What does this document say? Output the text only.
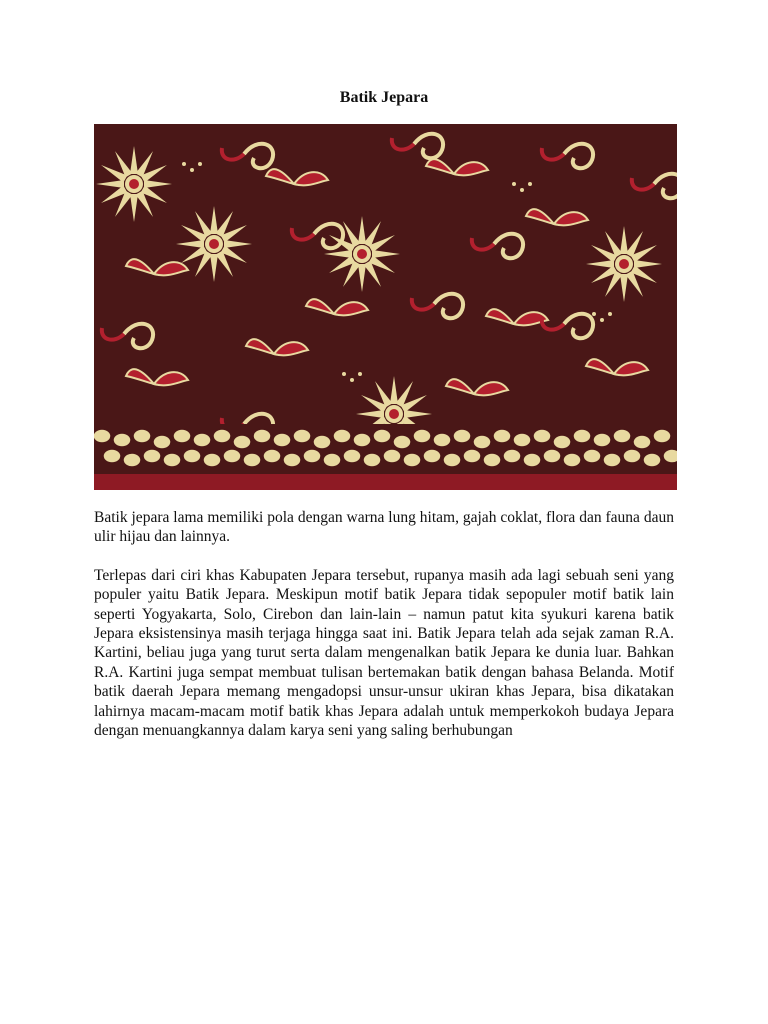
Batik Jepara

Batik jepara lama memiliki pola dengan warna lung hitam, gajah coklat, flora dan fauna daun ulir hijau dan lainnya.

Terlepas dari ciri khas Kabupaten Jepara tersebut, rupanya masih ada lagi sebuah seni yang populer yaitu Batik Jepara. Meskipun motif batik Jepara tidak sepopuler motif batik lain seperti Yogyakarta, Solo, Cirebon dan lain-lain – namun patut kita syukuri karena batik Jepara eksistensinya masih terjaga hingga saat ini. Batik Jepara telah ada sejak zaman R.A. Kartini, beliau juga yang turut serta dalam mengenalkan batik Jepara ke dunia luar. Bahkan R.A. Kartini juga sempat membuat tulisan bertemakan batik dengan bahasa Belanda. Motif batik daerah Jepara memang mengadopsi unsur-unsur ukiran khas Jepara, bisa dikatakan lahirnya macam-macam motif batik khas Jepara adalah untuk memperkokoh budaya Jepara dengan menuangkannya dalam karya seni yang saling berhubungan
